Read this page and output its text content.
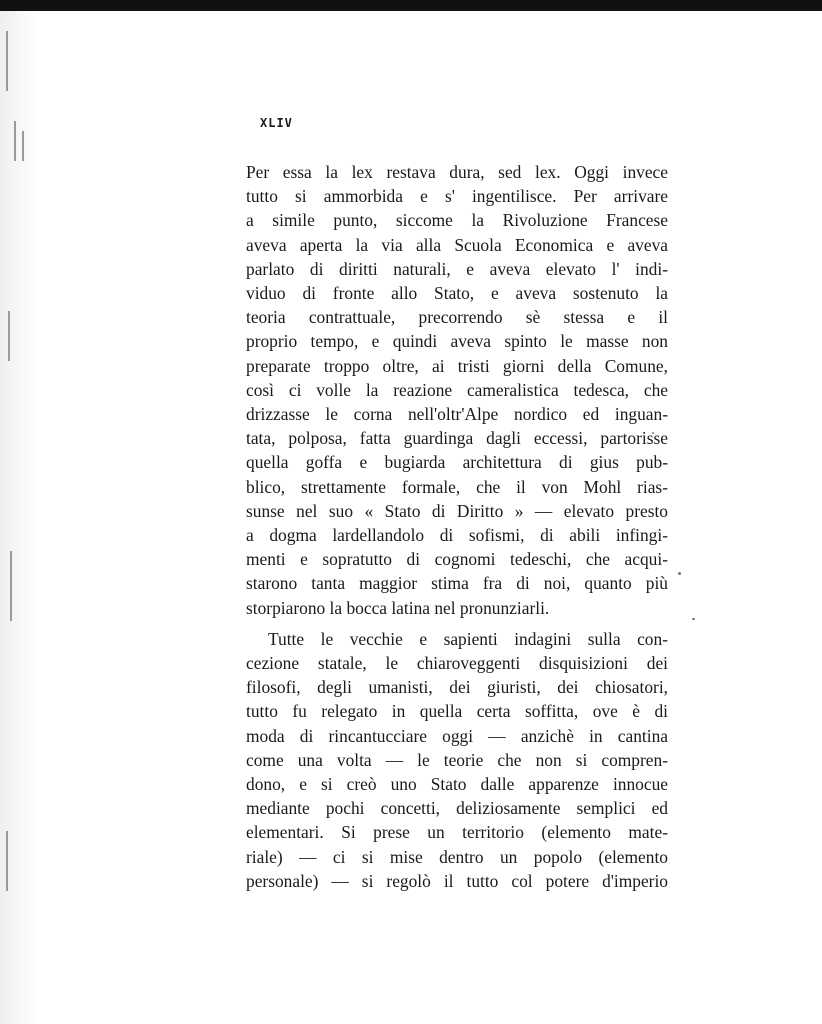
XLIV
Per essa la lex restava dura, sed lex. Oggi invece
tutto si ammorbida e s' ingentilisce. Per arrivare
a simile punto, siccome la Rivoluzione Francese
aveva aperta la via alla Scuola Economica e aveva
parlato di diritti naturali, e aveva elevato l' indi-
viduo di fronte allo Stato, e aveva sostenuto la
teoria contrattuale, precorrendo sè stessa e il
proprio tempo, e quindi aveva spinto le masse non
preparate troppo oltre, ai tristi giorni della Comune,
così ci volle la reazione cameralistica tedesca, che
drizzasse le corna nell'oltr'Alpe nordico ed inguan-
tata, polposa, fatta guardinga dagli eccessi, partorisse
quella goffa e bugiarda architettura di gius pub-
blico, strettamente formale, che il von Mohl rias-
sunse nel suo « Stato di Diritto » — elevato presto
a dogma lardellandolo di sofismi, di abili infingi-
menti e sopratutto di cognomi tedeschi, che acqui-
starono tanta maggior stima fra di noi, quanto più
storpiarono la bocca latina nel pronunziarli.
Tutte le vecchie e sapienti indagini sulla con-
cezione statale, le chiaroveggenti disquisizioni dei
filosofi, degli umanisti, dei giuristi, dei chiosatori,
tutto fu relegato in quella certa soffitta, ove è di
moda di rincantucciare oggi — anzichè in cantina
come una volta — le teorie che non si compren-
dono, e si creò uno Stato dalle apparenze innocue
mediante pochi concetti, deliziosamente semplici ed
elementari. Si prese un territorio (elemento mate-
riale) — ci si mise dentro un popolo (elemento
personale) — si regolò il tutto col potere d'imperio
